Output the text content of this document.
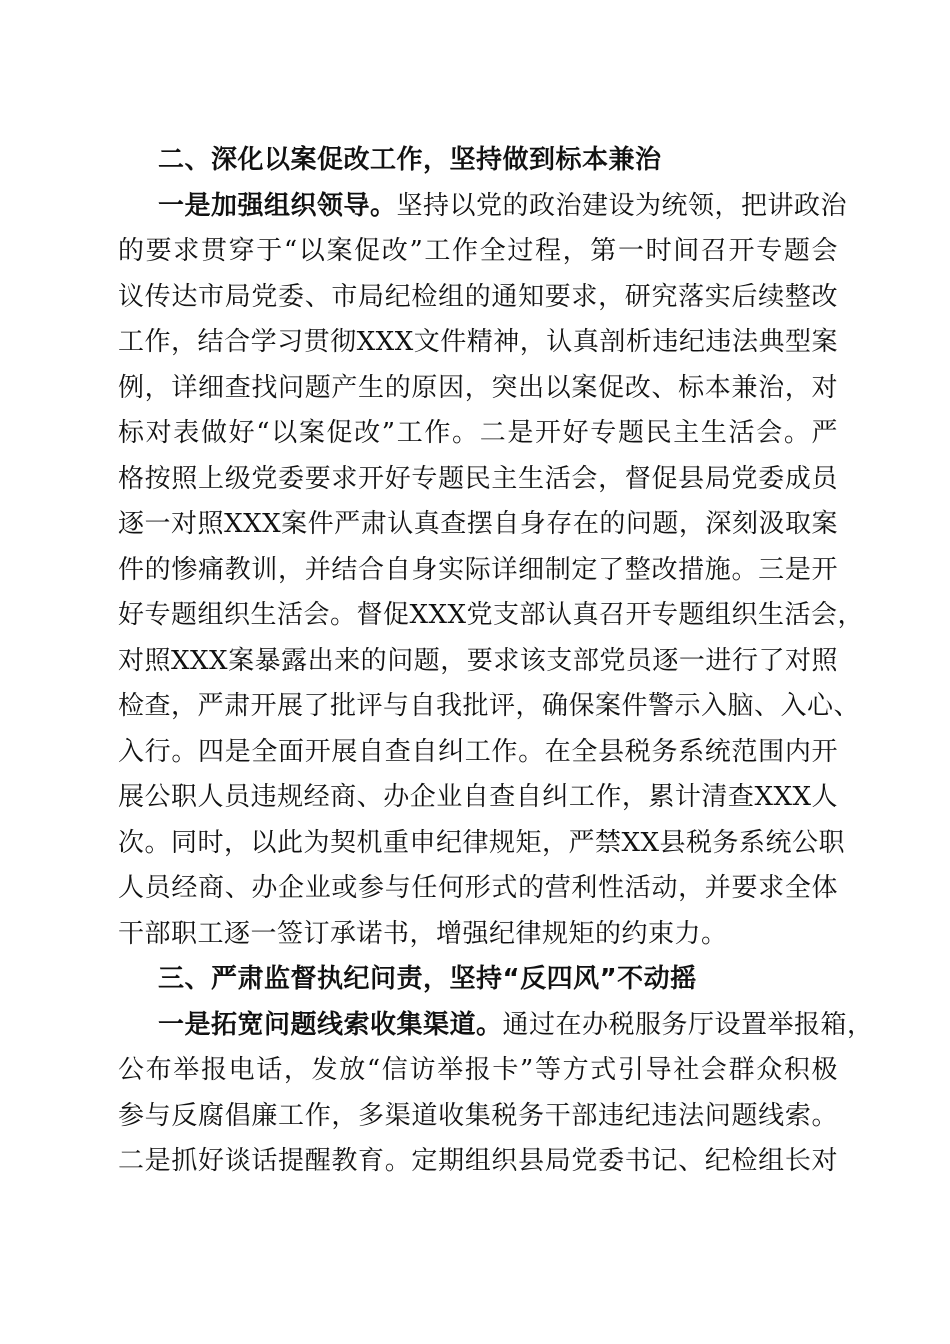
二、深化以案促改工作，坚持做到标本兼治
一是加强组织领导。坚持以党的政治建设为统领，把讲政治
的要求贯穿于“以案促改”工作全过程，第一时间召开专题会
议传达市局党委、市局纪检组的通知要求，研究落实后续整改
工作，结合学习贯彻XXX文件精神，认真剖析违纪违法典型案
例，详细查找问题产生的原因，突出以案促改、标本兼治，对
标对表做好“以案促改”工作。二是开好专题民主生活会。严
格按照上级党委要求开好专题民主生活会，督促县局党委成员
逐一对照XXX案件严肃认真查摆自身存在的问题，深刻汲取案
件的惨痛教训，并结合自身实际详细制定了整改措施。三是开
好专题组织生活会。督促XXX党支部认真召开专题组织生活会，
对照XXX案暴露出来的问题，要求该支部党员逐一进行了对照
检查，严肃开展了批评与自我批评，确保案件警示入脑、入心、
入行。四是全面开展自查自纠工作。在全县税务系统范围内开
展公职人员违规经商、办企业自查自纠工作，累计清查XXX人
次。同时，以此为契机重申纪律规矩，严禁XX县税务系统公职
人员经商、办企业或参与任何形式的营利性活动，并要求全体
干部职工逐一签订承诺书，增强纪律规矩的约束力。
三、严肃监督执纪问责，坚持“反四风”不动摇
一是拓宽问题线索收集渠道。通过在办税服务厅设置举报箱，
公布举报电话，发放“信访举报卡”等方式引导社会群众积极
参与反腐倡廉工作，多渠道收集税务干部违纪违法问题线索。
二是抓好谈话提醒教育。定期组织县局党委书记、纪检组长对
